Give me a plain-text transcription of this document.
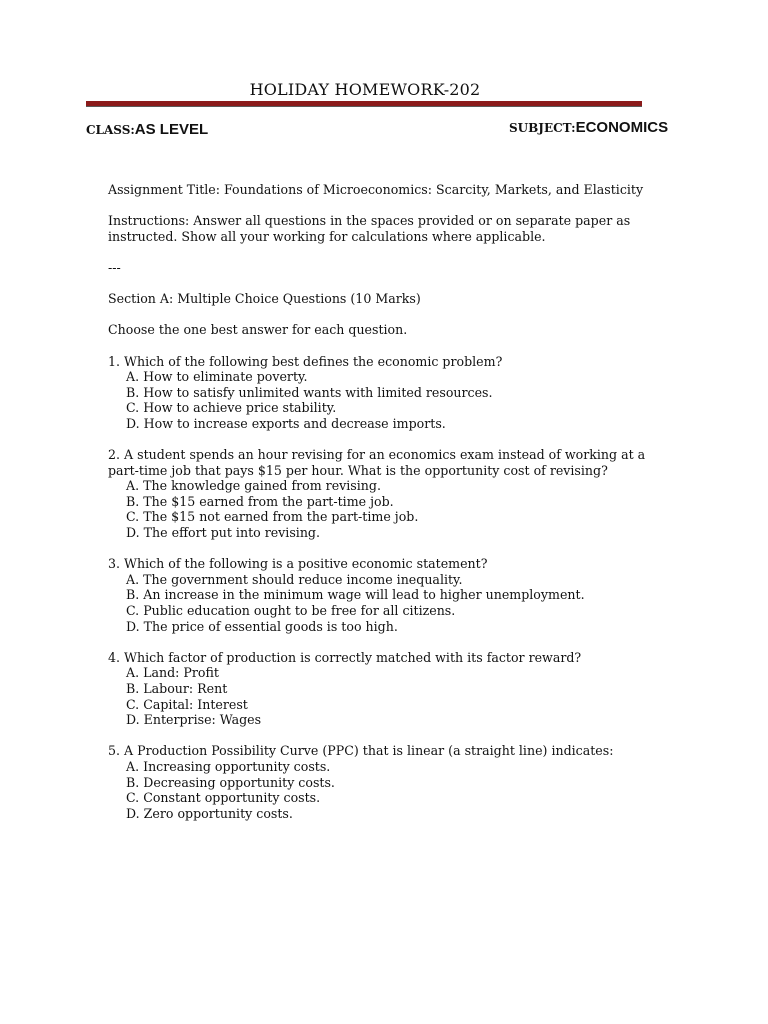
HOLIDAY HOMEWORK-202
CLASS:AS LEVEL	SUBJECT:ECONOMICS

Assignment Title: Foundations of Microeconomics: Scarcity, Markets, and Elasticity

Instructions: Answer all questions in the spaces provided or on separate paper as instructed. Show all your working for calculations where applicable.

---

Section A: Multiple Choice Questions (10 Marks)

Choose the one best answer for each question.

1. Which of the following best defines the economic problem?

A. How to eliminate poverty.

B. How to satisfy unlimited wants with limited resources.

C. How to achieve price stability.

D. How to increase exports and decrease imports.

2. A student spends an hour revising for an economics exam instead of working at a part-time job that pays $15 per hour. What is the opportunity cost of revising?

A. The knowledge gained from revising.

B. The $15 earned from the part-time job.

C. The $15 not earned from the part-time job.

D. The effort put into revising.

3. Which of the following is a positive economic statement?

A. The government should reduce income inequality.

B. An increase in the minimum wage will lead to higher unemployment.

C. Public education ought to be free for all citizens.

D. The price of essential goods is too high.

4. Which factor of production is correctly matched with its factor reward?

A. Land: Profit

B. Labour: Rent

C. Capital: Interest

D. Enterprise: Wages

5. A Production Possibility Curve (PPC) that is linear (a straight line) indicates:

A. Increasing opportunity costs.

B. Decreasing opportunity costs.

C. Constant opportunity costs.

D. Zero opportunity costs.
